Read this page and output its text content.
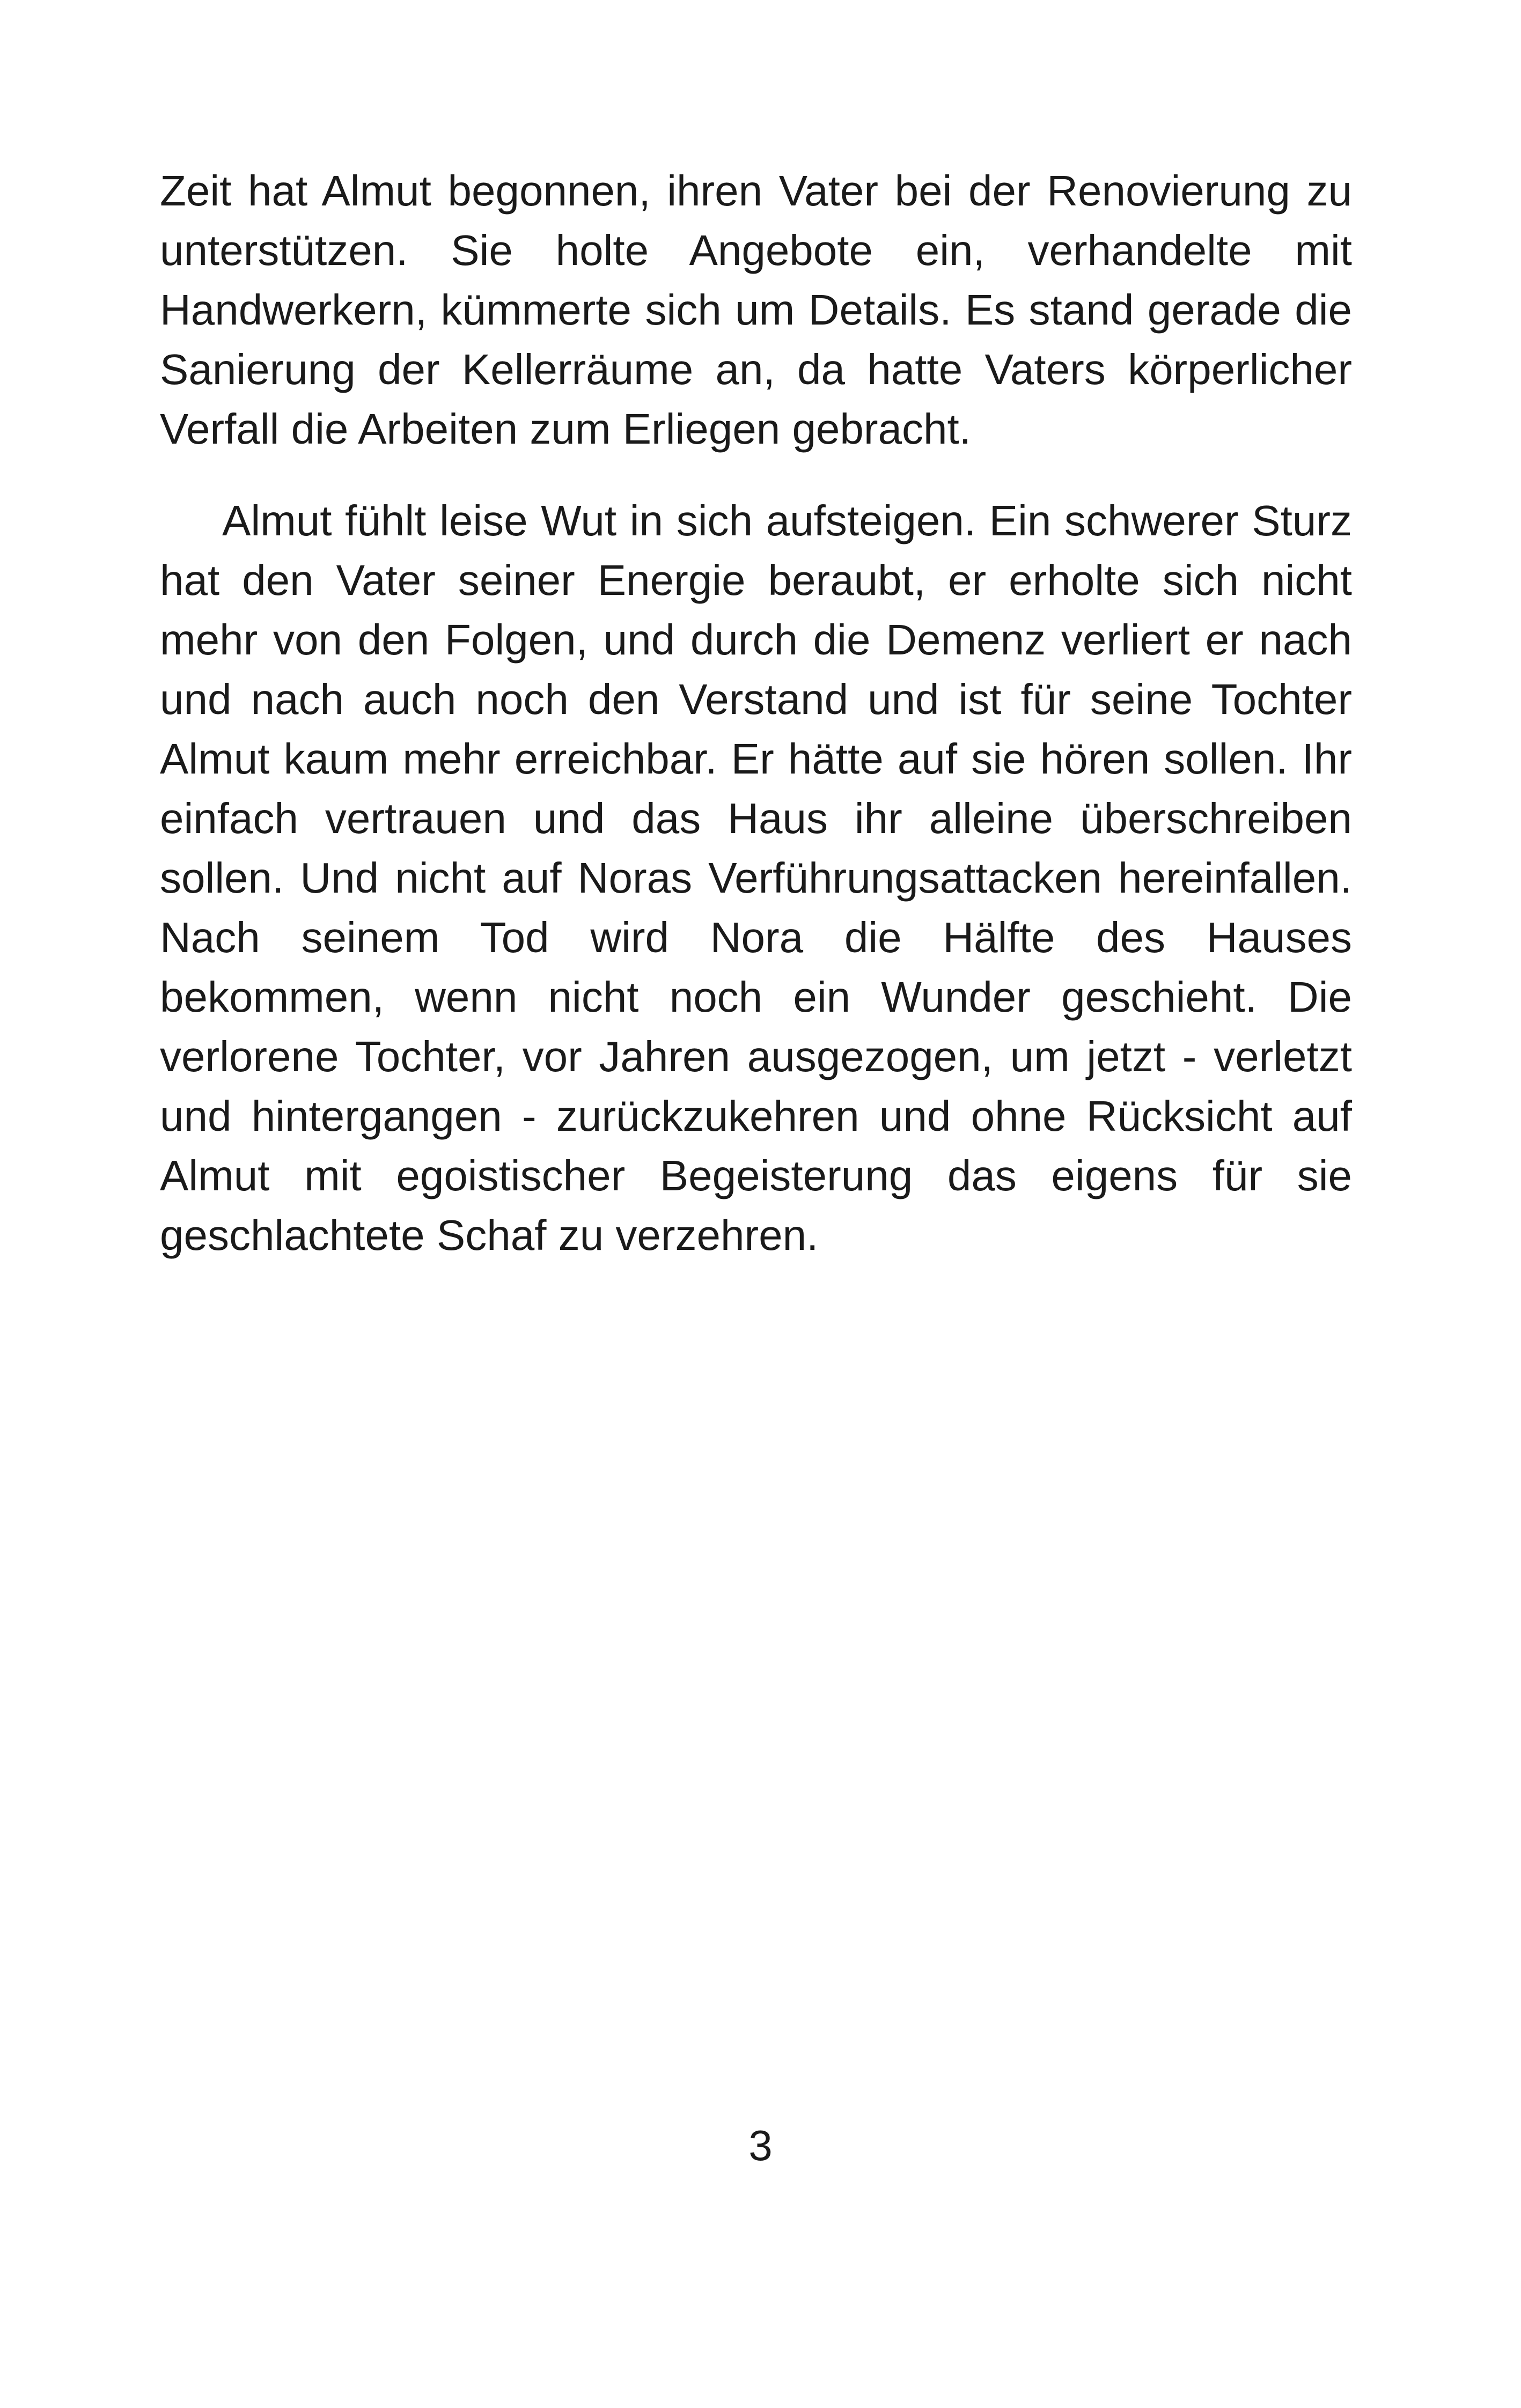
Zeit hat Almut begonnen, ihren Vater bei der Renovierung zu unterstützen. Sie holte Angebote ein, verhandelte mit Handwerkern, kümmerte sich um Details. Es stand gerade die Sanierung der Kellerräume an, da hatte Vaters körperlicher Verfall die Arbeiten zum Erliegen gebracht.

Almut fühlt leise Wut in sich aufsteigen. Ein schwerer Sturz hat den Vater seiner Energie beraubt, er erholte sich nicht mehr von den Folgen, und durch die Demenz verliert er nach und nach auch noch den Verstand und ist für seine Tochter Almut kaum mehr erreichbar. Er hätte auf sie hören sollen. Ihr einfach vertrauen und das Haus ihr alleine überschreiben sollen. Und nicht auf Noras Verführungsattacken hereinfallen. Nach seinem Tod wird Nora die Hälfte des Hauses bekommen, wenn nicht noch ein Wunder geschieht. Die verlorene Tochter, vor Jahren ausgezogen, um jetzt - verletzt und hintergangen - zurückzukehren und ohne Rücksicht auf Almut mit egoistischer Begeisterung das eigens für sie geschlachtete Schaf zu verzehren.

3
